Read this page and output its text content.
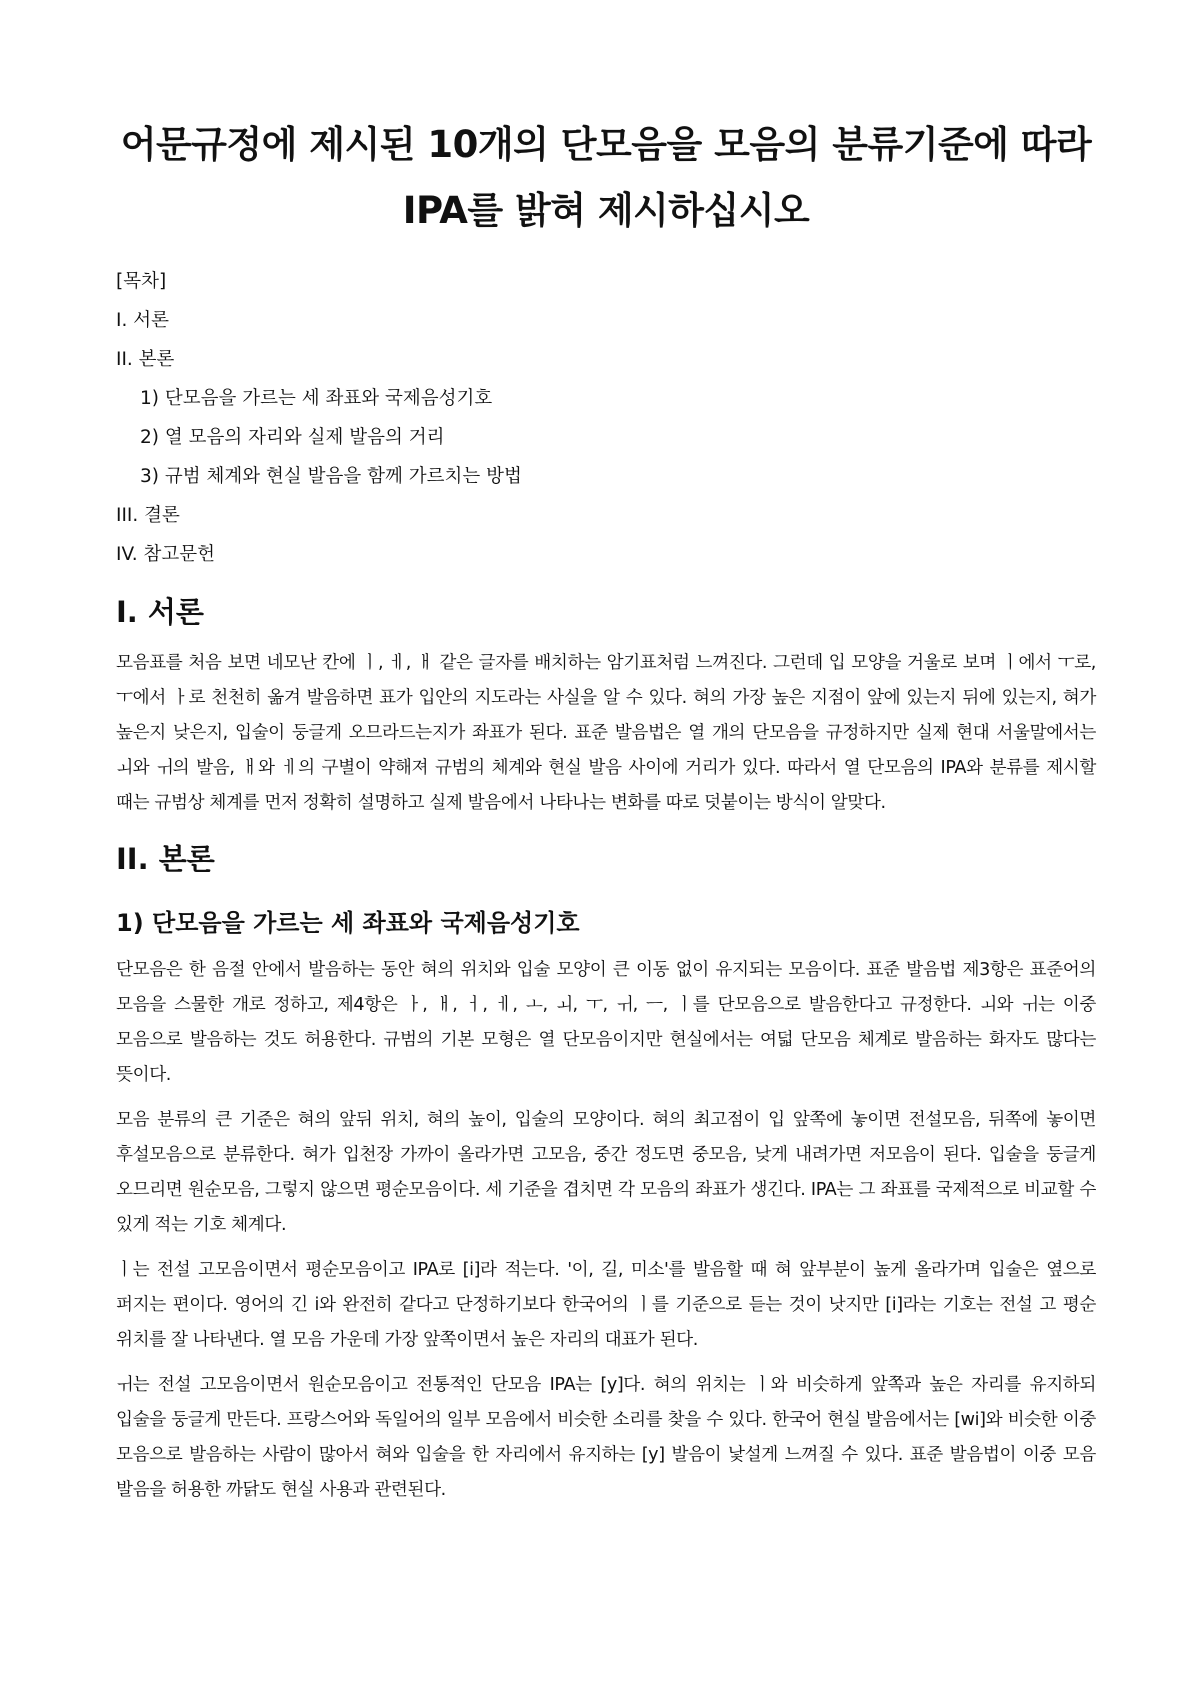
어문규정에 제시된 10개의 단모음을 모음의 분류기준에 따라
IPA를 밝혀 제시하십시오
[목차]
I. 서론
II. 본론
1) 단모음을 가르는 세 좌표와 국제음성기호
2) 열 모음의 자리와 실제 발음의 거리
3) 규범 체계와 현실 발음을 함께 가르치는 방법
III. 결론
IV. 참고문헌
I. 서론

모음표를 처음 보면 네모난 칸에 ㅣ, ㅔ, ㅐ 같은 글자를 배치하는 암기표처럼 느껴진다. 그런데 입 모양을 거울로 보며 ㅣ에서 ㅜ로, ㅜ에서 ㅏ로 천천히 옮겨 발음하면 표가 입안의 지도라는 사실을 알 수 있다. 혀의 가장 높은 지점이 앞에 있는지 뒤에 있는지, 혀가 높은지 낮은지, 입술이 둥글게 오므라드는지가 좌표가 된다. 표준 발음법은 열 개의 단모음을 규정하지만 실제 현대 서울말에서는 ㅚ와 ㅟ의 발음, ㅐ와 ㅔ의 구별이 약해져 규범의 체계와 현실 발음 사이에 거리가 있다. 따라서 열 단모음의 IPA와 분류를 제시할 때는 규범상 체계를 먼저 정확히 설명하고 실제 발음에서 나타나는 변화를 따로 덧붙이는 방식이 알맞다.

II. 본론
1) 단모음을 가르는 세 좌표와 국제음성기호

단모음은 한 음절 안에서 발음하는 동안 혀의 위치와 입술 모양이 큰 이동 없이 유지되는 모음이다. 표준 발음법 제3항은 표준어의 모음을 스물한 개로 정하고, 제4항은 ㅏ, ㅐ, ㅓ, ㅔ, ㅗ, ㅚ, ㅜ, ㅟ, ㅡ, ㅣ를 단모음으로 발음한다고 규정한다. ㅚ와 ㅟ는 이중 모음으로 발음하는 것도 허용한다. 규범의 기본 모형은 열 단모음이지만 현실에서는 여덟 단모음 체계로 발음하는 화자도 많다는 뜻이다.

모음 분류의 큰 기준은 혀의 앞뒤 위치, 혀의 높이, 입술의 모양이다. 혀의 최고점이 입 앞쪽에 놓이면 전설모음, 뒤쪽에 놓이면 후설모음으로 분류한다. 혀가 입천장 가까이 올라가면 고모음, 중간 정도면 중모음, 낮게 내려가면 저모음이 된다. 입술을 둥글게 오므리면 원순모음, 그렇지 않으면 평순모음이다. 세 기준을 겹치면 각 모음의 좌표가 생긴다. IPA는 그 좌표를 국제적으로 비교할 수 있게 적는 기호 체계다.

ㅣ는 전설 고모음이면서 평순모음이고 IPA로 [i]라 적는다. '이, 길, 미소'를 발음할 때 혀 앞부분이 높게 올라가며 입술은 옆으로 퍼지는 편이다. 영어의 긴 i와 완전히 같다고 단정하기보다 한국어의 ㅣ를 기준으로 듣는 것이 낫지만 [i]라는 기호는 전설 고 평순 위치를 잘 나타낸다. 열 모음 가운데 가장 앞쪽이면서 높은 자리의 대표가 된다.

ㅟ는 전설 고모음이면서 원순모음이고 전통적인 단모음 IPA는 [y]다. 혀의 위치는 ㅣ와 비슷하게 앞쪽과 높은 자리를 유지하되 입술을 둥글게 만든다. 프랑스어와 독일어의 일부 모음에서 비슷한 소리를 찾을 수 있다. 한국어 현실 발음에서는 [wi]와 비슷한 이중 모음으로 발음하는 사람이 많아서 혀와 입술을 한 자리에서 유지하는 [y] 발음이 낯설게 느껴질 수 있다. 표준 발음법이 이중 모음 발음을 허용한 까닭도 현실 사용과 관련된다.
